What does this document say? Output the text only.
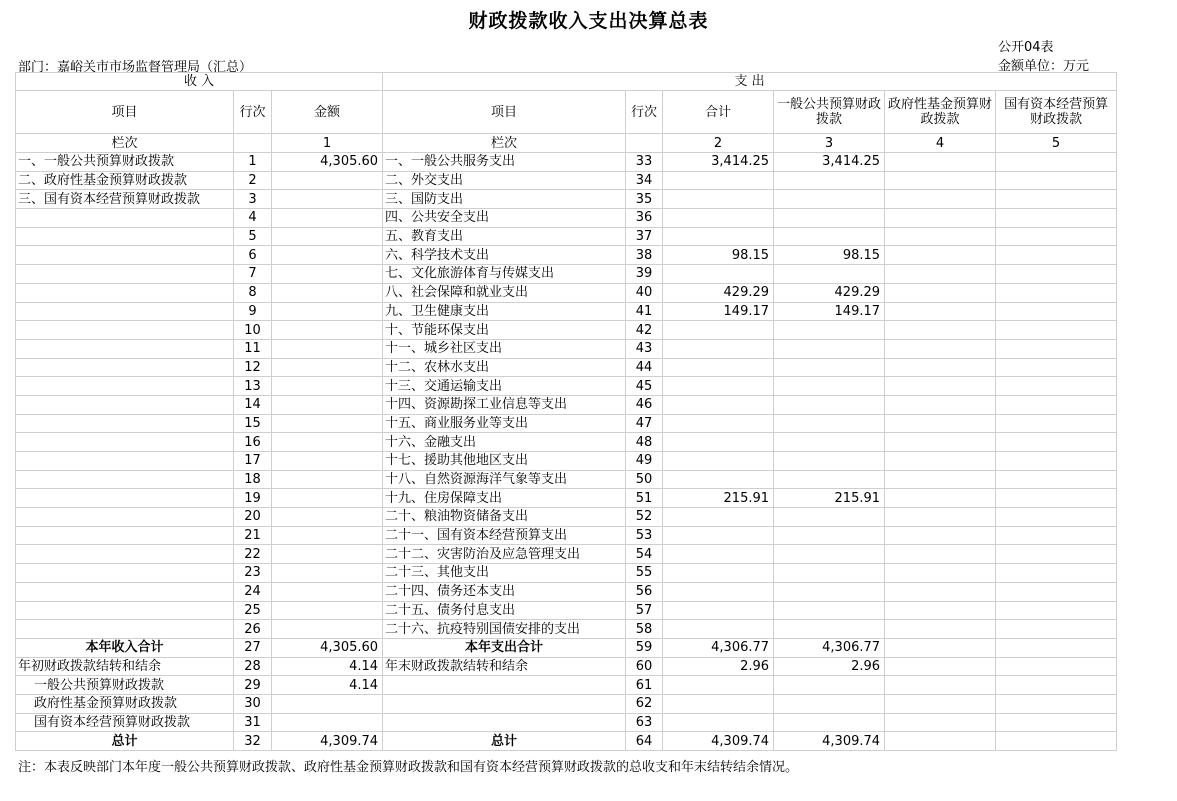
财政拨款收入支出决算总表
公开04表
部门：嘉峪关市市场监督管理局（汇总）	金额单位：万元
收 入			支 出					
项目	行次	金额	项目	行次	合计	一般公共预算财政拨款	政府性基金预算财政拨款	国有资本经营预算财政拨款
栏次		1	栏次		2	3	4	5
一、一般公共预算财政拨款	1	4,305.60	一、一般公共服务支出	33	3,414.25	3,414.25		
二、政府性基金预算财政拨款	2		二、外交支出	34				
三、国有资本经营预算财政拨款	3		三、国防支出	35				
	4		四、公共安全支出	36				
	5		五、教育支出	37				
	6		六、科学技术支出	38	98.15	98.15		
	7		七、文化旅游体育与传媒支出	39				
	8		八、社会保障和就业支出	40	429.29	429.29		
	9		九、卫生健康支出	41	149.17	149.17		
	10		十、节能环保支出	42				
	11		十一、城乡社区支出	43				
	12		十二、农林水支出	44				
	13		十三、交通运输支出	45				
	14		十四、资源勘探工业信息等支出	46				
	15		十五、商业服务业等支出	47				
	16		十六、金融支出	48				
	17		十七、援助其他地区支出	49				
	18		十八、自然资源海洋气象等支出	50				
	19		十九、住房保障支出	51	215.91	215.91		
	20		二十、粮油物资储备支出	52				
	21		二十一、国有资本经营预算支出	53				
	22		二十二、灾害防治及应急管理支出	54				
	23		二十三、其他支出	55				
	24		二十四、债务还本支出	56				
	25		二十五、债务付息支出	57				
	26		二十六、抗疫特别国债安排的支出	58				
本年收入合计	27	4,305.60	本年支出合计	59	4,306.77	4,306.77		
年初财政拨款结转和结余	28	4.14	年末财政拨款结转和结余	60	2.96	2.96		
一般公共预算财政拨款	29	4.14		61				
政府性基金预算财政拨款	30			62				
国有资本经营预算财政拨款	31			63				
总计	32	4,309.74	总计	64	4,309.74	4,309.74		
注：本表反映部门本年度一般公共预算财政拨款、政府性基金预算财政拨款和国有资本经营预算财政拨款的总收支和年末结转结余情况。
